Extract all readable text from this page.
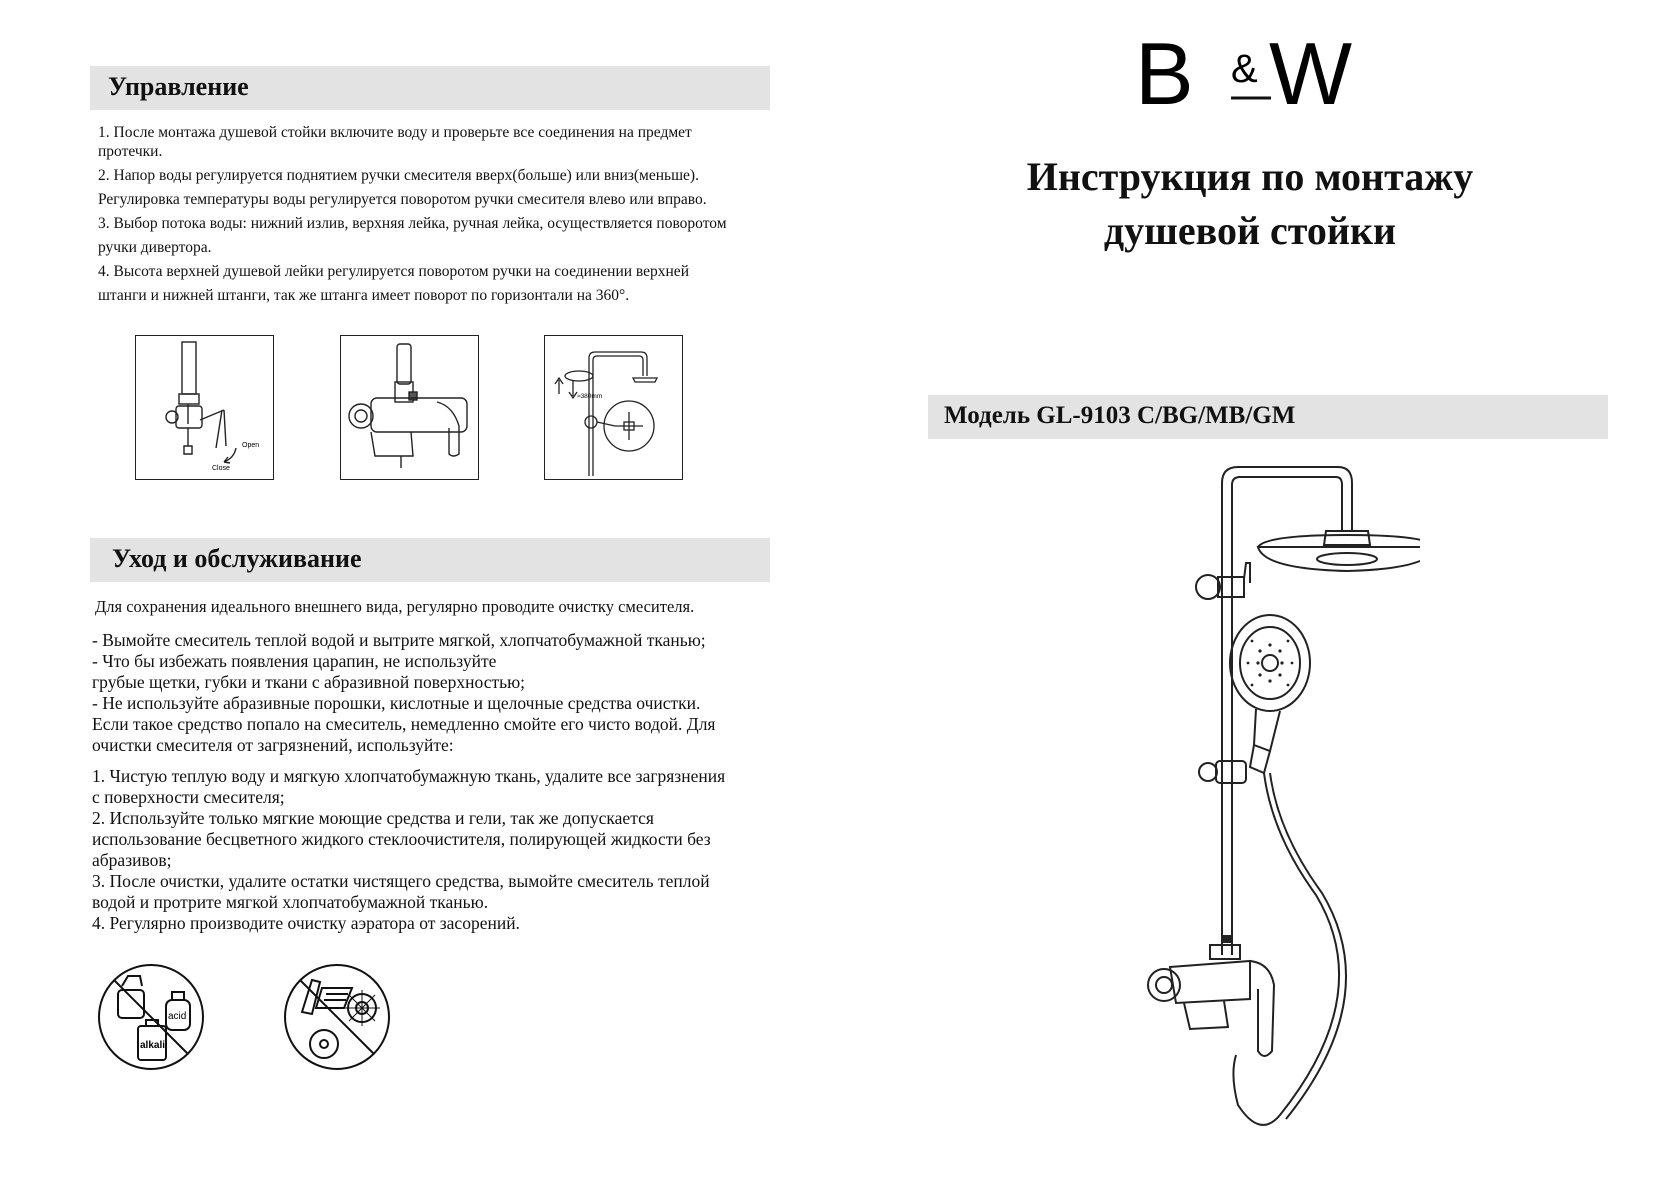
Управление
1. После монтажа душевой стойки включите воду и проверьте все соединения на предмет
протечки.
2. Напор воды регулируется поднятием ручки смесителя вверх(больше) или вниз(меньше).
Регулировка температуры воды регулируется поворотом ручки смесителя влево или вправо.
3. Выбор потока воды: нижний излив, верхняя лейка, ручная лейка, осуществляется поворотом
ручки дивертора.
4. Высота верхней душевой лейки регулируется поворотом ручки на соединении верхней
штанги и нижней штанги, так же штанга имеет поворот по горизонтали на 360°.
Open
Close
≈380mm
Уход и обслуживание
Для сохранения идеального внешнего вида, регулярно проводите очистку смесителя.
- Вымойте смеситель теплой водой и вытрите мягкой, хлопчатобумажной тканью;
- Что бы избежать появления царапин, не используйте
грубые щетки, губки и ткани с абразивной поверхностью;
- Не используйте абразивные порошки, кислотные и щелочные средства очистки.
Если такое средство попало на смеситель, немедленно смойте его чисто водой. Для
очистки смесителя от загрязнений, используйте:
1. Чистую теплую воду и мягкую хлопчатобумажную ткань, удалите все загрязнения
с поверхности смесителя;
2. Используйте только мягкие моющие средства и гели, так же допускается
использование бесцветного жидкого стеклоочистителя, полирующей жидкости без
абразивов;
3. После очистки, удалите остатки чистящего средства, вымойте смеситель теплой
водой и протрите мягкой хлопчатобумажной тканью.
4. Регулярно производите очистку аэратора от засорений.
acid
alkali
B & W
Инструкция по монтажу
душевой стойки
Модель GL-9103 C/BG/MB/GM
